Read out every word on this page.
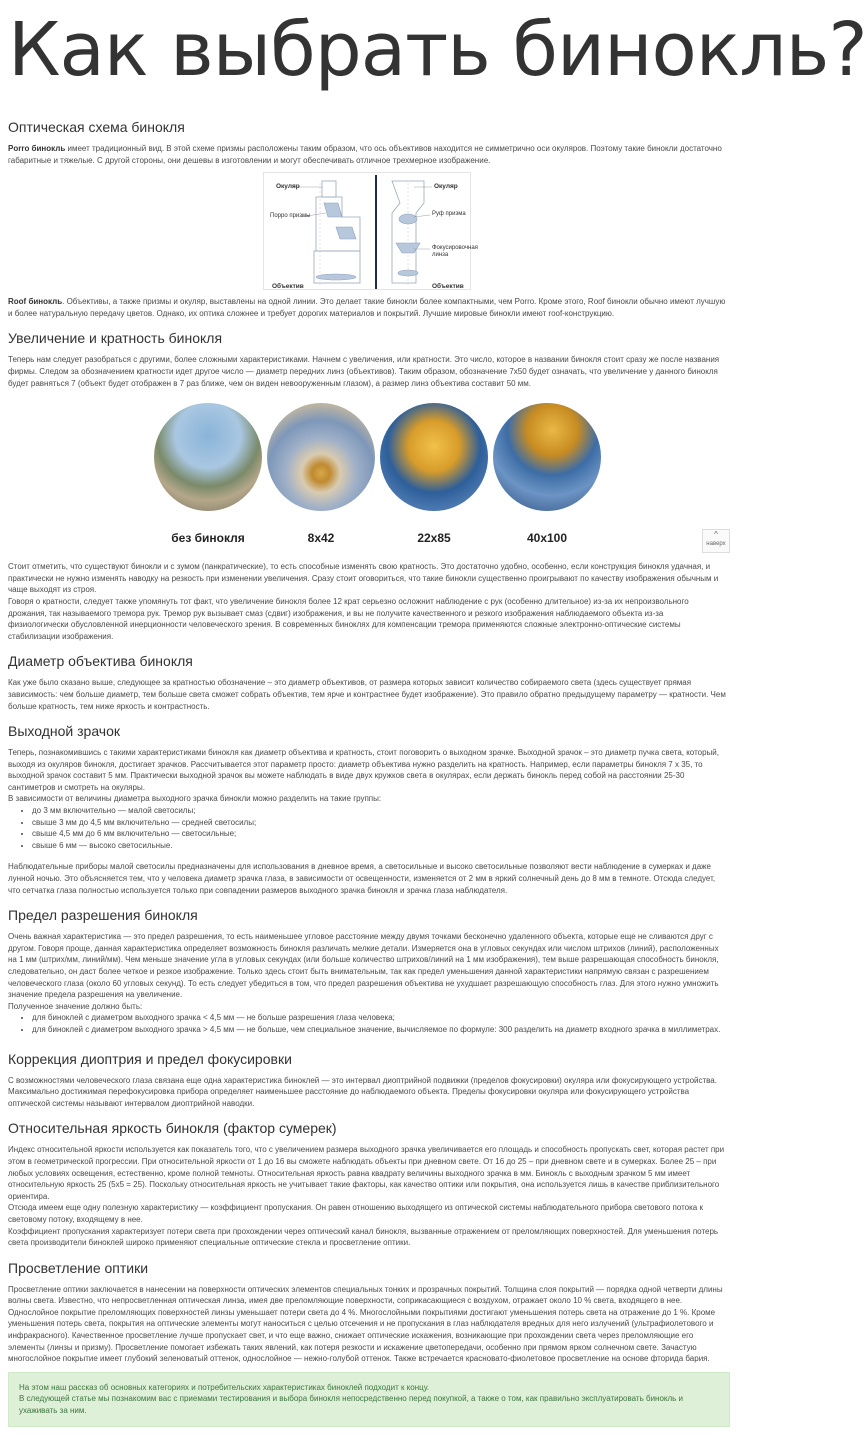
Как выбрать бинокль?
Оптическая схема бинокля

Porro бинокль имеет традиционный вид. В этой схеме призмы расположены таким образом, что ось объективов находится не симметрично оси окуляров. Поэтому такие бинокли достаточно габаритные и тяжелые. С другой стороны, они дешевы в изготовлении и могут обеспечивать отличное трехмерное изображение.

Окуляр
Порро призмы
Объектив
Окуляр
Руф призма
Фокусировочная линза
Объектив

Roof бинокль. Объективы, а также призмы и окуляр, выставлены на одной линии. Это делает такие бинокли более компактными, чем Porro. Кроме этого, Roof бинокли обычно имеют лучшую и более натуральную передачу цветов. Однако, их оптика сложнее и требует дорогих материалов и покрытий. Лучшие мировые бинокли имеют roof-конструкцию.

Увеличение и кратность бинокля

Теперь нам следует разобраться с другими, более сложными характеристиками. Начнем с увеличения, или кратности. Это число, которое в названии бинокля стоит сразу же после названия фирмы. Следом за обозначением кратности идет другое число — диаметр передних линз (объективов). Таким образом, обозначение 7x50 будет означать, что увеличение у данного бинокля будет равняться 7 (объект будет отображен в 7 раз ближе, чем он виден невооруженным глазом), а размер линз объектива составит 50 мм.

без бинокля	8x42	22x85	40x100	^
наверх

Стоит отметить, что существуют бинокли и с зумом (панкратические), то есть способные изменять свою кратность. Это достаточно удобно, особенно, если конструкция бинокля удачная, и практически не нужно изменять наводку на резкость при изменении увеличения. Сразу стоит оговориться, что такие бинокли существенно проигрывают по качеству изображения обычным и чаще выходят из строя.

Говоря о кратности, следует также упомянуть тот факт, что увеличение бинокля более 12 крат серьезно осложнит наблюдение с рук (особенно длительное) из-за их непроизвольного дрожания, так называемого тремора рук. Тремор рук вызывает смаз (сдвиг) изображения, и вы не получите качественного и резкого изображения наблюдаемого объекта из-за физиологически обусловленной инерционности человеческого зрения. В современных биноклях для компенсации тремора применяются сложные электронно-оптические системы стабилизации изображения.

Диаметр объектива бинокля

Как уже было сказано выше, следующее за кратностью обозначение – это диаметр объективов, от размера которых зависит количество собираемого света (здесь существует прямая зависимость: чем больше диаметр, тем больше света сможет собрать объектив, тем ярче и контрастнее будет изображение). Это правило обратно предыдущему параметру — кратности. Чем больше кратность, тем ниже яркость и контрастность.

Выходной зрачок

Теперь, познакомившись с такими характеристиками бинокля как диаметр объектива и кратность, стоит поговорить о выходном зрачке. Выходной зрачок – это диаметр пучка света, который, выходя из окуляров бинокля, достигает зрачков. Рассчитывается этот параметр просто: диаметр объектива нужно разделить на кратность. Например, если параметры бинокля 7 х 35, то выходной зрачок составит 5 мм. Практически выходной зрачок вы можете наблюдать в виде двух кружков света в окулярах, если держать бинокль перед собой на расстоянии 25-30 сантиметров и смотреть на окуляры.

В зависимости от величины диаметра выходного зрачка бинокли можно разделить на такие группы:

• до 3 мм включительно — малой светосилы;
• свыше 3 мм до 4,5 мм включительно — средней светосилы;
• свыше 4,5 мм до 6 мм включительно — светосильные;
• свыше 6 мм — высоко светосильные.

Наблюдательные приборы малой светосилы предназначены для использования в дневное время, а светосильные и высоко светосильные позволяют вести наблюдение в сумерках и даже лунной ночью. Это объясняется тем, что у человека диаметр зрачка глаза, в зависимости от освещенности, изменяется от 2 мм в яркий солнечный день до 8 мм в темноте. Отсюда следует, что сетчатка глаза полностью используется только при совпадении размеров выходного зрачка бинокля и зрачка глаза наблюдателя.

Предел разрешения бинокля

Очень важная характеристика — это предел разрешения, то есть наименьшее угловое расстояние между двумя точками бесконечно удаленного объекта, которые еще не сливаются друг с другом. Говоря проще, данная характеристика определяет возможность бинокля различать мелкие детали. Измеряется она в угловых секундах или числом штрихов (линий), расположенных на 1 мм (штрих/мм, линий/мм). Чем меньше значение угла в угловых секундах (или больше количество штрихов/линий на 1 мм изображения), тем выше разрешающая способность бинокля, следовательно, он даст более четкое и резкое изображение. Только здесь стоит быть внимательным, так как предел уменьшения данной характеристики напрямую связан с разрешением человеческого глаза (около 60 угловых секунд). То есть следует убедиться в том, что предел разрешения объектива не ухудшает разрешающую способность глаз. Для этого нужно умножить значение предела разрешения на увеличение.

Полученное значение должно быть:

• для биноклей с диаметром выходного зрачка < 4,5 мм — не больше разрешения глаза человека;
• для биноклей с диаметром выходного зрачка > 4,5 мм — не больше, чем специальное значение, вычисляемое по формуле: 300 разделить на диаметр входного зрачка в миллиметрах.
Коррекция диоптрия и предел фокусировки

С возможностями человеческого глаза связана еще одна характеристика биноклей — это интервал диоптрийной подвижки (пределов фокусировки) окуляра или фокусирующего устройства.

Максимально достижимая перефокусировка прибора определяет наименьшее расстояние до наблюдаемого объекта. Пределы фокусировки окуляра или фокусирующего устройства оптической системы называют интервалом диоптрийной наводки.

Относительная яркость бинокля (фактор сумерек)

Индекс относительной яркости используется как показатель того, что с увеличением размера выходного зрачка увеличивается его площадь и способность пропускать свет, которая растет при этом в геометрической прогрессии. При относительной яркости от 1 до 16 вы сможете наблюдать объекты при дневном свете. От 16 до 25 – при дневном свете и в сумерках. Более 25 – при любых условиях освещения, естественно, кроме полной темноты. Относительная яркость равна квадрату величины выходного зрачка в мм. Бинокль с выходным зрачком 5 мм имеет относительную яркость 25 (5х5 = 25). Поскольку относительная яркость не учитывает такие факторы, как качество оптики или покрытия, она используется лишь в качестве приблизительного ориентира.

Отсюда имеем еще одну полезную характеристику — коэффициент пропускания. Он равен отношению выходящего из оптической системы наблюдательного прибора светового потока к световому потоку, входящему в нее.

Коэффициент пропускания характеризует потери света при прохождении через оптический канал бинокля, вызванные отражением от преломляющих поверхностей. Для уменьшения потерь света производители биноклей широко применяют специальные оптические стекла и просветление оптики.

Просветление оптики

Просветление оптики заключается в нанесении на поверхности оптических элементов специальных тонких и прозрачных покрытий. Толщина слоя покрытий — порядка одной четверти длины волны света. Известно, что непросветленная оптическая линза, имея две преломляющие поверхности, соприкасающиеся с воздухом, отражает около 10 % света, входящего в нее. Однослойное покрытие преломляющих поверхностей линзы уменьшает потери света до 4 %. Многослойными покрытиями достигают уменьшения потерь света на отражение до 1 %. Кроме уменьшения потерь света, покрытия на оптические элементы могут наноситься с целью отсечения и не пропускания в глаз наблюдателя вредных для него излучений (ультрафиолетового и инфракрасного). Качественное просветление лучше пропускает свет, и что еще важно, снижает оптические искажения, возникающие при прохождении света через преломляющие его элементы (линзы и призму). Просветление помогает избежать таких явлений, как потеря резкости и искажение цветопередачи, особенно при прямом ярком солнечном свете. Зачастую многослойное покрытие имеет глубокий зеленоватый оттенок, однослойное — нежно-голубой оттенок. Также встречается красновато-фиолетовое просветление на основе фторида бария.

На этом наш рассказ об основных категориях и потребительских характеристиках биноклей подходит к концу.
В следующей статье мы познакомим вас с приемами тестирования и выбора бинокля непосредственно перед покупкой, а также о том, как правильно эксплуатировать бинокль и ухаживать за ним.
